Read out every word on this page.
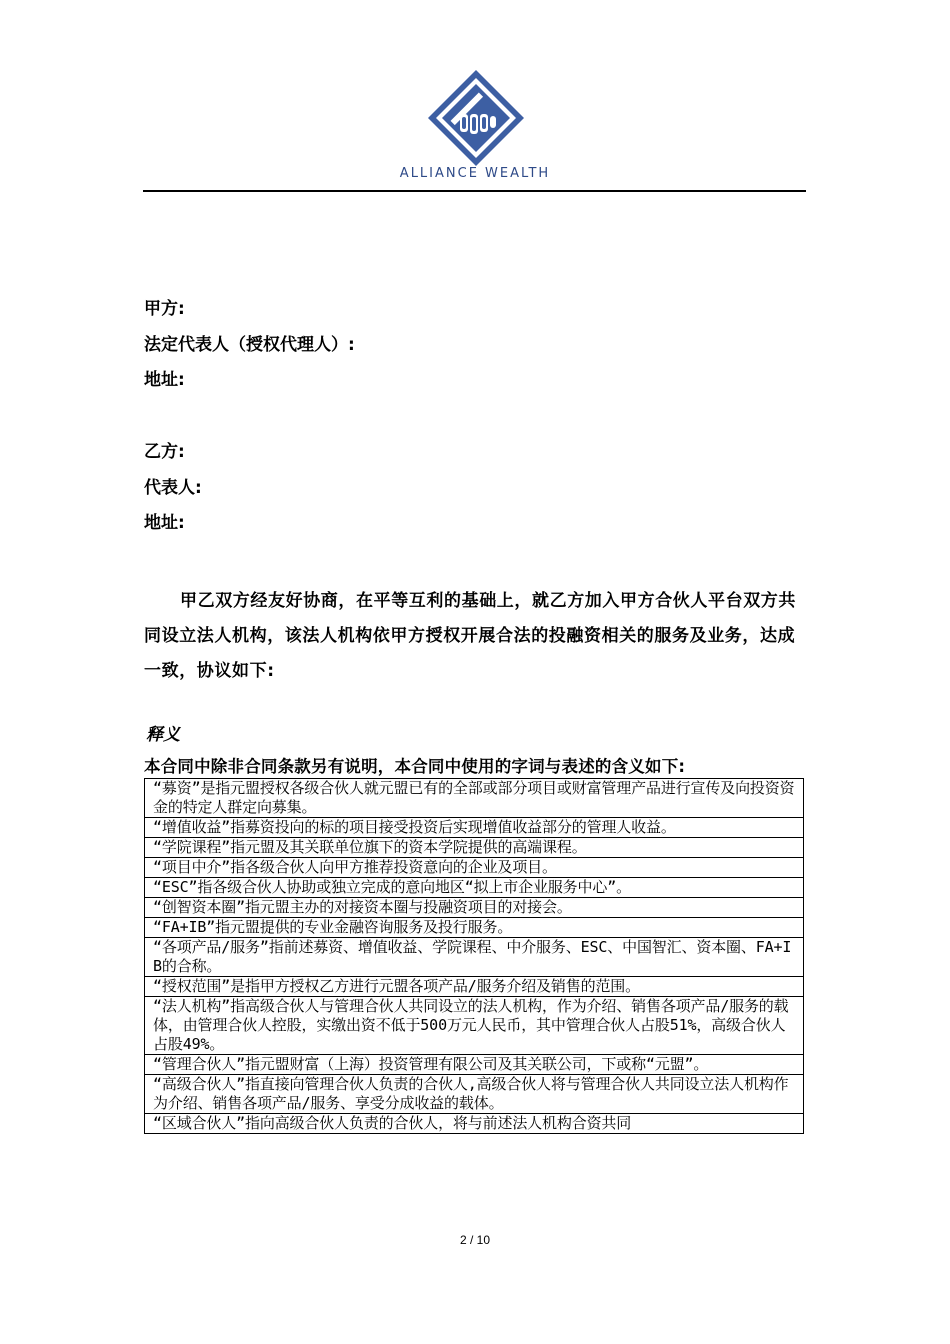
ALLIANCE WEALTH
甲方:
法定代表人（授权代理人）:
地址:
乙方:
代表人:
地址:
甲乙双方经友好协商，在平等互利的基础上，就乙方加入甲方合伙人平台双方共同设立法人机构，该法人机构依甲方授权开展合法的投融资相关的服务及业务，达成一致，协议如下:
释义
本合同中除非合同条款另有说明，本合同中使用的字词与表述的含义如下:
“募资”是指元盟授权各级合伙人就元盟已有的全部或部分项目或财富管理产品进行宣传及向投资资金的特定人群定向募集。
“增值收益”指募资投向的标的项目接受投资后实现增值收益部分的管理人收益。
“学院课程”指元盟及其关联单位旗下的资本学院提供的高端课程。
“项目中介”指各级合伙人向甲方推荐投资意向的企业及项目。
“ESC”指各级合伙人协助或独立完成的意向地区“拟上市企业服务中心”。
“创智资本圈”指元盟主办的对接资本圈与投融资项目的对接会。
“FA+IB”指元盟提供的专业金融咨询服务及投行服务。
“各项产品/服务”指前述募资、增值收益、学院课程、中介服务、ESC、中国智汇、资本圈、FA+IB的合称。
“授权范围”是指甲方授权乙方进行元盟各项产品/服务介绍及销售的范围。
“法人机构”指高级合伙人与管理合伙人共同设立的法人机构，作为介绍、销售各项产品/服务的载体，由管理合伙人控股，实缴出资不低于500万元人民币，其中管理合伙人占股51%，高级合伙人占股49%。
“管理合伙人”指元盟财富（上海）投资管理有限公司及其关联公司，下或称“元盟”。
“高级合伙人”指直接向管理合伙人负责的合伙人,高级合伙人将与管理合伙人共同设立法人机构作为介绍、销售各项产品/服务、享受分成收益的载体。
“区域合伙人”指向高级合伙人负责的合伙人，将与前述法人机构合资共同
2 / 10
